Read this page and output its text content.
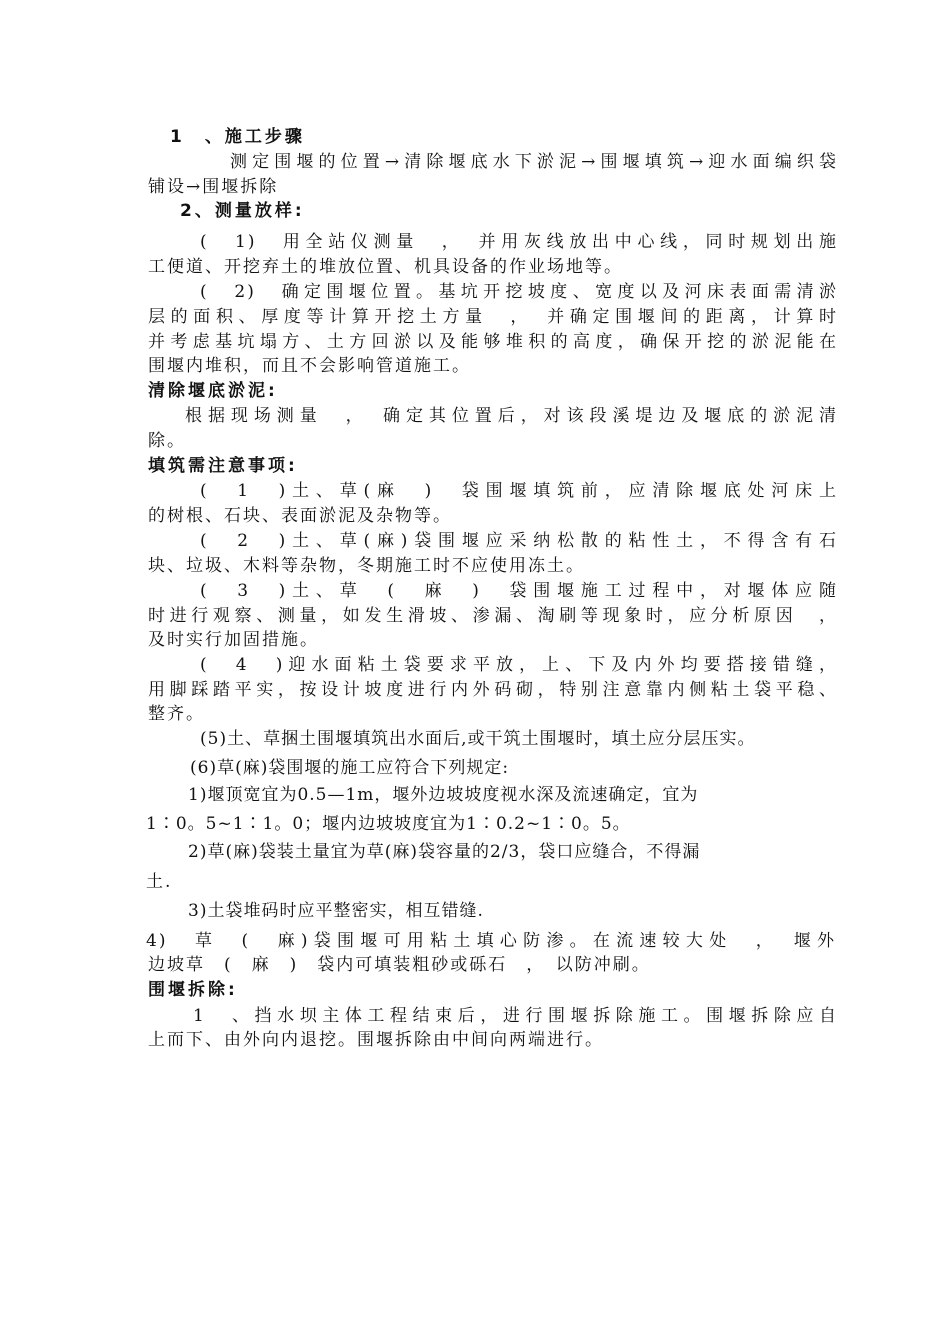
1　、施工步骤
测定围堰的位置→清除堰底水下淤泥→围堰填筑→迎水面编织袋
铺设→围堰拆除
2、测量放样:
(　1)　用全站仪测量　，　并用灰线放出中心线，同时规划出施
工便道、开挖弃土的堆放位置、机具设备的作业场地等。
(　2)　确定围堰位置。基坑开挖坡度、宽度以及河床表面需清淤
层的面积、厚度等计算开挖土方量　，　并确定围堰间的距离，计算时
并考虑基坑塌方、土方回淤以及能够堆积的高度，确保开挖的淤泥能在
围堰内堆积，而且不会影响管道施工。
清除堰底淤泥:
根据现场测量　，　确定其位置后，对该段溪堤边及堰底的淤泥清
除。
填筑需注意事项:
(　1　)土、草(麻　)　袋围堰填筑前，应清除堰底处河床上
的树根、石块、表面淤泥及杂物等。
(　2　)土、草(麻)袋围堰应采纳松散的粘性土，不得含有石
块、垃圾、木料等杂物，冬期施工时不应使用冻土。
(　3　)土、草　(　麻　)　袋围堰施工过程中，对堰体应随
时进行观察、测量，如发生滑坡、渗漏、淘刷等现象时，应分析原因　，
及时实行加固措施。
(　4　)迎水面粘土袋要求平放，上、下及内外均要搭接错缝，
用脚踩踏平实，按设计坡度进行内外码砌，特别注意靠内侧粘土袋平稳、
整齐。
(5)土、草捆土围堰填筑出水面后,或干筑土围堰时，填土应分层压实。
(6)草(麻)袋围堰的施工应符合下列规定:
1)堰顶宽宜为0.5—1m，堰外边坡坡度视水深及流速确定，宜为
1∶0。5~1∶1。0；堰内边坡坡度宜为1∶0.2~1∶0。5。
2)草(麻)袋装土量宜为草(麻)袋容量的2/3，袋口应缝合，不得漏
土.
3)土袋堆码时应平整密实，相互错缝.
4)　草　(　麻)袋围堰可用粘土填心防渗。在流速较大处　，　堰外
边坡草　(　麻　)　袋内可填装粗砂或砾石　，　以防冲刷。
围堰拆除:
1　、挡水坝主体工程结束后，进行围堰拆除施工。围堰拆除应自
上而下、由外向内退挖。围堰拆除由中间向两端进行。
